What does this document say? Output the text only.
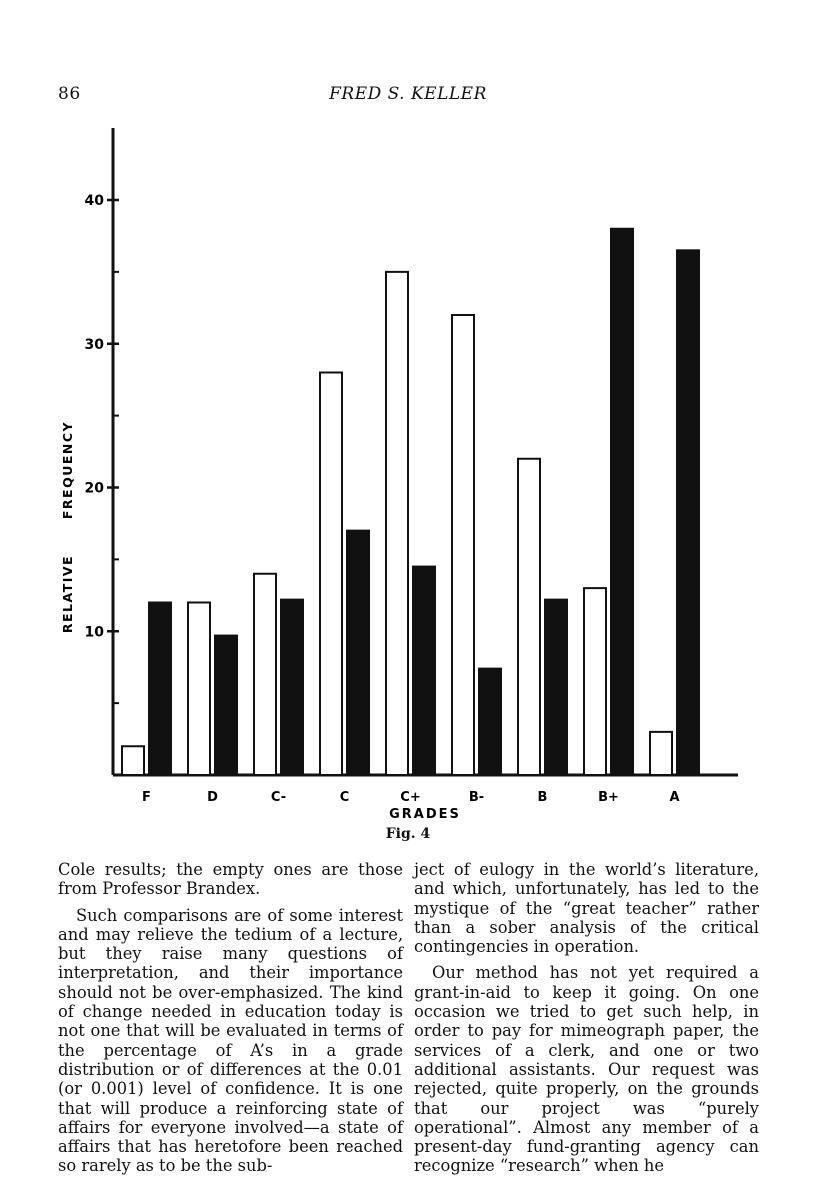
86	FRED S. KELLER
10
20
30
40
RELATIVE
FREQUENCY
F	D	C-	C	C+	B-	B	B+	A
GRADES
Fig. 4

Cole results; the empty ones are those from Professor Brandex.

Such comparisons are of some interest and may relieve the tedium of a lecture, but they raise many questions of interpretation, and their importance should not be over-emphasized. The kind of change needed in education today is not one that will be evaluated in terms of the percentage of A’s in a grade distribution or of differences at the 0.01 (or 0.001) level of confidence. It is one that will produce a reinforcing state of affairs for everyone involved—a state of affairs that has heretofore been reached so rarely as to be the sub-

ject of eulogy in the world’s literature, and which, unfortunately, has led to the mystique of the “great teacher” rather than a sober analysis of the critical contingencies in operation.

Our method has not yet required a grant-in-aid to keep it going. On one occasion we tried to get such help, in order to pay for mimeograph paper, the services of a clerk, and one or two additional assistants. Our request was rejected, quite properly, on the grounds that our project was “purely operational”. Almost any member of a present-day fund-granting agency can recognize “research” when he
